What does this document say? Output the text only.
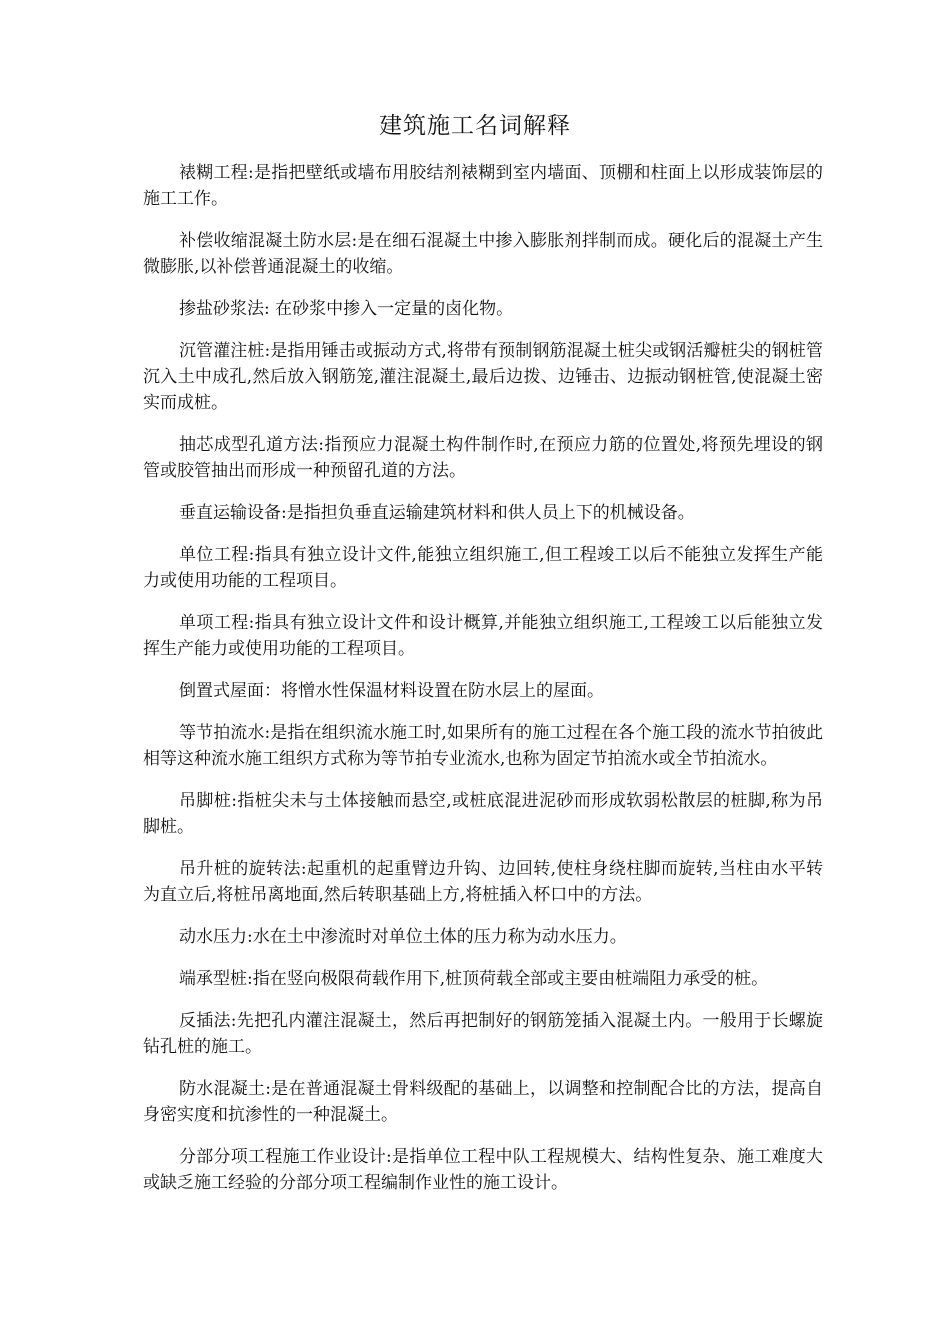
建筑施工名词解释

裱糊工程:是指把壁纸或墙布用胶结剂裱糊到室内墙面、顶棚和柱面上以形成装饰层的施工工作。

补偿收缩混凝土防水层:是在细石混凝土中掺入膨胀剂拌制而成。硬化后的混凝土产生微膨胀,以补偿普通混凝土的收缩。

掺盐砂浆法: 在砂浆中掺入一定量的卤化物。

沉管灌注桩:是指用锤击或振动方式,将带有预制钢筋混凝土桩尖或钢活瓣桩尖的钢桩管沉入土中成孔,然后放入钢筋笼,灌注混凝土,最后边拨、边锤击、边振动钢桩管,使混凝土密实而成桩。

抽芯成型孔道方法:指预应力混凝土构件制作时,在预应力筋的位置处,将预先埋设的钢管或胶管抽出而形成一种预留孔道的方法。

垂直运输设备:是指担负垂直运输建筑材料和供人员上下的机械设备。

单位工程:指具有独立设计文件,能独立组织施工,但工程竣工以后不能独立发挥生产能力或使用功能的工程项目。

单项工程:指具有独立设计文件和设计概算,并能独立组织施工,工程竣工以后能独立发挥生产能力或使用功能的工程项目。

倒置式屋面：将憎水性保温材料设置在防水层上的屋面。

等节拍流水:是指在组织流水施工时,如果所有的施工过程在各个施工段的流水节拍彼此相等这种流水施工组织方式称为等节拍专业流水,也称为固定节拍流水或全节拍流水。

吊脚桩:指桩尖未与土体接触而悬空,或桩底混进泥砂而形成软弱松散层的桩脚,称为吊脚桩。

吊升桩的旋转法:起重机的起重臂边升钩、边回转,使柱身绕柱脚而旋转,当柱由水平转为直立后,将桩吊离地面,然后转职基础上方,将桩插入杯口中的方法。

动水压力:水在土中渗流时对单位土体的压力称为动水压力。

端承型桩:指在竖向极限荷载作用下,桩顶荷载全部或主要由桩端阻力承受的桩。

反插法:先把孔内灌注混凝土，然后再把制好的钢筋笼插入混凝土内。一般用于长螺旋钻孔桩的施工。

防水混凝土:是在普通混凝土骨料级配的基础上，以调整和控制配合比的方法，提高自身密实度和抗渗性的一种混凝土。

分部分项工程施工作业设计:是指单位工程中队工程规模大、结构性复杂、施工难度大或缺乏施工经验的分部分项工程编制作业性的施工设计。
